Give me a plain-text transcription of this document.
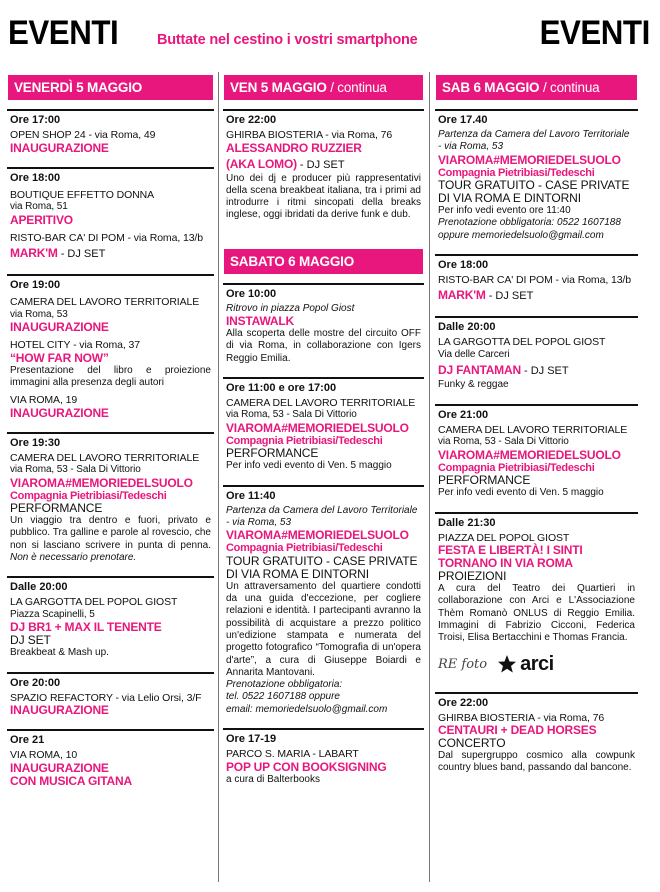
EVENTI	Buttate nel cestino i vostri smartphone	EVENTI
VENERDÌ 5 MAGGIO
Ore 17:00
OPEN SHOP 24 - via Roma, 49
INAUGURAZIONE
Ore 18:00
BOUTIQUE EFFETTO DONNA
via Roma, 51
APERITIVO
RISTO-BAR CA' DI POM - via Roma, 13/b
MARK'M - DJ SET
Ore 19:00
CAMERA DEL LAVORO TERRITORIALE
via Roma, 53
INAUGURAZIONE
HOTEL CITY - via Roma, 37
“HOW FAR NOW”
Presentazione del libro e proiezione immagini alla presenza degli autori
VIA ROMA, 19
INAUGURAZIONE
Ore 19:30
CAMERA DEL LAVORO TERRITORIALE
via Roma, 53 - Sala Di Vittorio
VIAROMA#MEMORIEDELSUOLO
Compagnia Pietribiasi/Tedeschi
PERFORMANCE
Un viaggio tra dentro e fuori, privato e pubblico. Tra galline e parole al rovescio, che non si lasciano scrivere in punta di penna. Non è necessario prenotare.
Dalle 20:00
LA GARGOTTA DEL POPOL GIOST
Piazza Scapinelli, 5
DJ BR1 + MAX IL TENENTE
DJ SET
Breakbeat & Mash up.
Ore 20:00
SPAZIO REFACTORY - via Lelio Orsi, 3/F
INAUGURAZIONE
Ore 21
VIA ROMA, 10
INAUGURAZIONE
CON MUSICA GITANA
VEN 5 MAGGIO / continua
Ore 22:00
GHIRBA BIOSTERIA - via Roma, 76
ALESSANDRO RUZZIER
(AKA LOMO) - DJ SET
Uno dei dj e producer più rappresentativi della scena breakbeat italiana, tra i primi ad introdurre i ritmi sincopati della breaks inglese, oggi ibridati da derive funk e dub.
SABATO 6 MAGGIO
Ore 10:00
Ritrovo in piazza Popol Giost
INSTAWALK
Alla scoperta delle mostre del circuito OFF di via Roma, in collaborazione con Igers Reggio Emilia.
Ore 11:00 e ore 17:00
CAMERA DEL LAVORO TERRITORIALE
via Roma, 53 - Sala Di Vittorio
VIAROMA#MEMORIEDELSUOLO
Compagnia Pietribiasi/Tedeschi
PERFORMANCE
Per info vedi evento di Ven. 5 maggio
Ore 11:40
Partenza da Camera del Lavoro Territoriale - via Roma, 53
VIAROMA#MEMORIEDELSUOLO
Compagnia Pietribiasi/Tedeschi
TOUR GRATUITO - CASE PRIVATE
DI VIA ROMA E DINTORNI
Un attraversamento del quartiere condotti da una guida d'eccezione, per cogliere relazioni e identità. I partecipanti avranno la possibilità di acquistare a prezzo politico un'edizione stampata e numerata del progetto fotografico “Tomografia di un'opera d'arte”, a cura di Giuseppe Boiardi e Annarita Mantovani.
Prenotazione obbligatoria:
tel. 0522 1607188 oppure
email: memoriedelsuolo@gmail.com
Ore 17-19
PARCO S. MARIA - LABART
POP UP CON BOOKSIGNING
a cura di Balterbooks
SAB 6 MAGGIO / continua
Ore 17.40
Partenza da Camera del Lavoro Territoriale - via Roma, 53
VIAROMA#MEMORIEDELSUOLO
Compagnia Pietribiasi/Tedeschi
TOUR GRATUITO - CASE PRIVATE
DI VIA ROMA E DINTORNI
Per info vedi evento ore 11:40
Prenotazione obbligatoria: 0522 1607188
oppure memoriedelsuolo@gmail.com
Ore 18:00
RISTO-BAR CA' DI POM - via Roma, 13/b
MARK'M - DJ SET
Dalle 20:00
LA GARGOTTA DEL POPOL GIOST
Via delle Carceri
DJ FANTAMAN - DJ SET
Funky & reggae
Ore 21:00
CAMERA DEL LAVORO TERRITORIALE
via Roma, 53 - Sala Di Vittorio
VIAROMA#MEMORIEDELSUOLO
Compagnia Pietribiasi/Tedeschi
PERFORMANCE
Per info vedi evento di Ven. 5 maggio
Dalle 21:30
PIAZZA DEL POPOL GIOST
FESTA E LIBERTÀ! I SINTI
TORNANO IN VIA ROMA
PROIEZIONI
A cura del Teatro dei Quartieri in collaborazione con Arci e L'Associazione Thèm Romanò ONLUS di Reggio Emilia. Immagini di Fabrizio Cicconi, Federica Troisi, Elisa Bertacchini e Thomas Francia.
RE foto arci
Ore 22:00
GHIRBA BIOSTERIA - via Roma, 76
CENTAURI + DEAD HORSES
CONCERTO
Dal supergruppo cosmico alla cowpunk country blues band, passando dal bancone.
